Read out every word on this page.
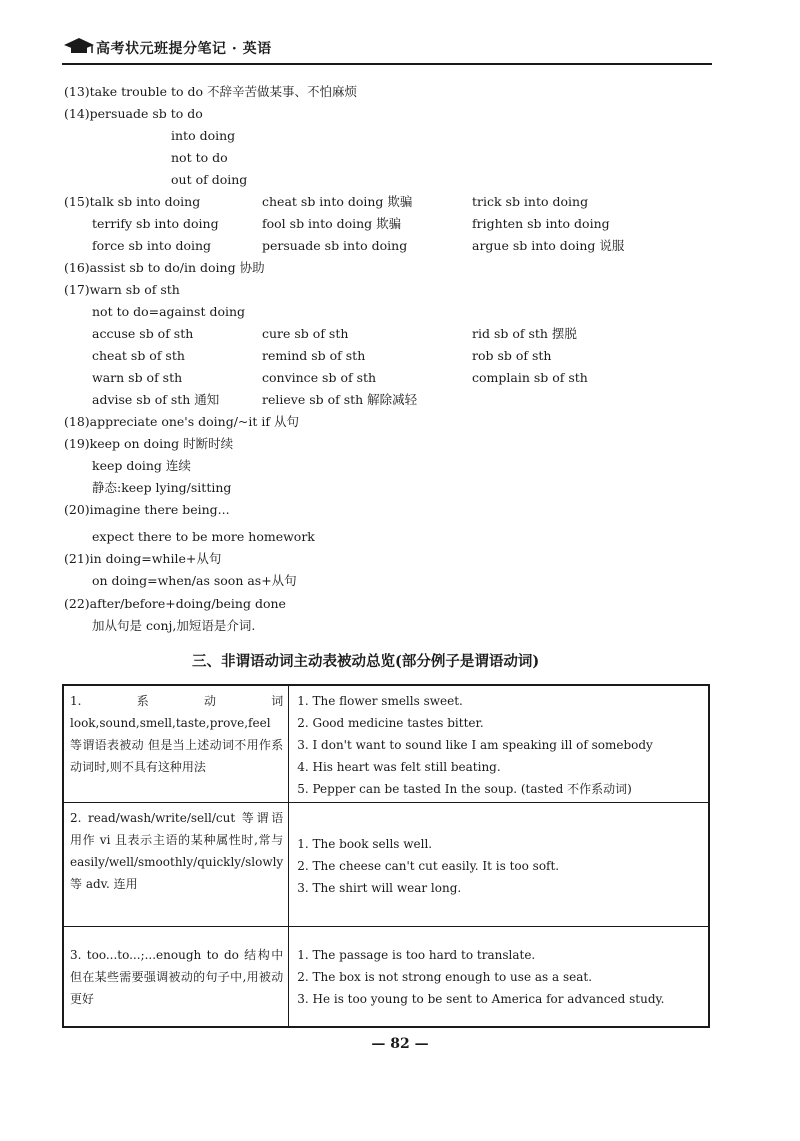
高考状元班提分笔记 · 英语
(13)take trouble to do 不辞辛苦做某事、不怕麻烦
(14)persuade sb to do
into doing
not to do
out of doing
(15)talk sb into doing	cheat sb into doing 欺骗	trick sb into doing
terrify sb into doing	fool sb into doing 欺骗	frighten sb into doing
force sb into doing	persuade sb into doing	argue sb into doing 说服
(16)assist sb to do/in doing 协助
(17)warn sb of sth
not to do=against doing
accuse sb of sth	cure sb of sth	rid sb of sth 摆脱
cheat sb of sth	remind sb of sth	rob sb of sth
warn sb of sth	convince sb of sth	complain sb of sth
advise sb of sth 通知	relieve sb of sth 解除减轻
(18)appreciate one's doing/~it if 从句
(19)keep on doing 时断时续
keep doing 连续
静态:keep lying/sitting
(20)imagine there being...
expect there to be more homework
(21)in doing=while+从句
on doing=when/as soon as+从句
(22)after/before+doing/being done
加从句是 conj,加短语是介词.
三、非谓语动词主动表被动总览(部分例子是谓语动词)
1.系动词 look,sound,smell,taste,prove,feel 等谓语表被动 但是当上述动词不用作系动词时,则不具有这种用法	1. The flower smells sweet.
2. Good medicine tastes bitter.
3. I don't want to sound like I am speaking ill of somebody
4. His heart was felt still beating.
5. Pepper can be tasted In the soup. (tasted 不作系动词)

2. read/wash/write/sell/cut 等谓语用作 vi 且表示主语的某种属性时,常与 easily/well/smoothly/quickly/slowly 等 adv. 连用	1. The book sells well.
2. The cheese can't cut easily. It is too soft.
3. The shirt will wear long.

3. too...to...;...enough to do 结构中但在某些需要强调被动的句子中,用被动更好	1. The passage is too hard to translate.
2. The box is not strong enough to use as a seat.
3. He is too young to be sent to America for advanced study.
— 82 —
